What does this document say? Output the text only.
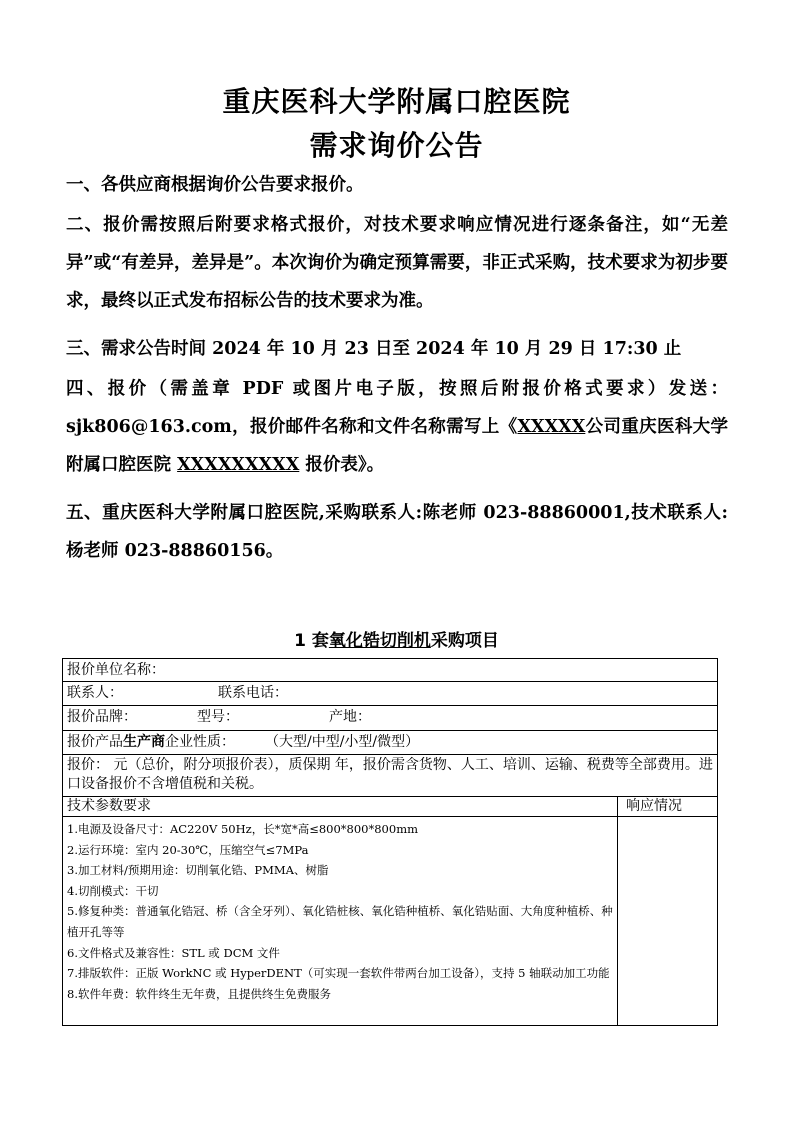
重庆医科大学附属口腔医院
需求询价公告
一、各供应商根据询价公告要求报价。
二、报价需按照后附要求格式报价，对技术要求响应情况进行逐条备注，如“无差异”或“有差异，差异是”。本次询价为确定预算需要，非正式采购，技术要求为初步要求，最终以正式发布招标公告的技术要求为准。
三、需求公告时间 2024 年 10 月 23 日至 2024 年 10 月 29 日 17:30 止
四、报价（需盖章 PDF 或图片电子版，按照后附报价格式要求）发送：sjk806@163.com，报价邮件名称和文件名称需写上《XXXXX公司重庆医科大学附属口腔医院 XXXXXXXXX 报价表》。
五、重庆医科大学附属口腔医院,采购联系人:陈老师 023-88860001,技术联系人:杨老师 023-88860156。
1 套氧化锆切削机采购项目
报价单位名称：
联系人：	联系电话：
报价品牌：	型号：	产地：
报价产品生产商企业性质： （大型/中型/小型/微型）
报价： 元（总价，附分项报价表），质保期 年，报价需含货物、人工、培训、运输、税费等全部费用。进口设备报价不含增值税和关税。
技术参数要求	响应情况
1.电源及设备尺寸：AC220V 50Hz，长*宽*高≤800*800*800mm
2.运行环境：室内 20-30℃，压缩空气≤7MPa
3.加工材料/预期用途：切削氧化锆、PMMA、树脂
4.切削模式：干切
5.修复种类：普通氧化锆冠、桥（含全牙列）、氧化锆桩核、氧化锆种植桥、氧化锆贴面、大角度种植桥、种植开孔等等
6.文件格式及兼容性：STL 或 DCM 文件
7.排版软件：正版 WorkNC 或 HyperDENT（可实现一套软件带两台加工设备），支持 5 轴联动加工功能
8.软件年费：软件终生无年费，且提供终生免费服务
